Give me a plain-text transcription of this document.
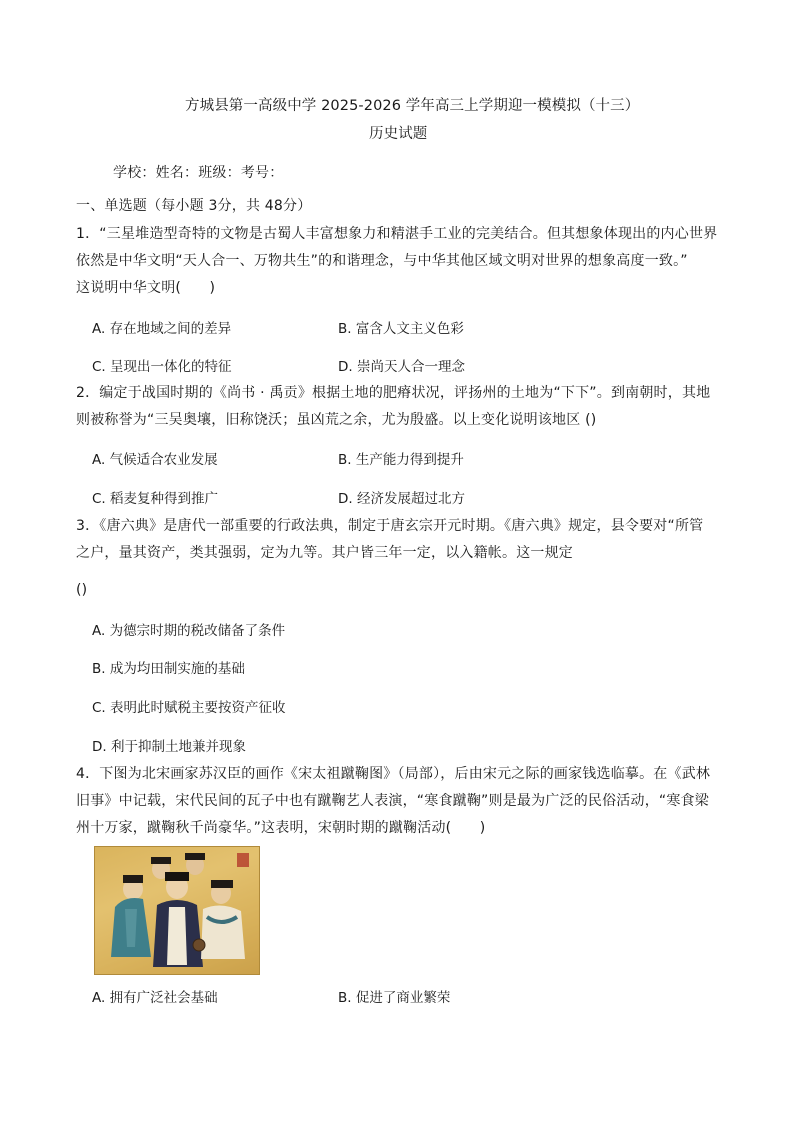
方城县第一高级中学 2025-2026 学年高三上学期迎一模模拟（十三）
历史试题
学校：姓名：班级：考号：
一、单选题（每小题 3分，共 48分）
1．“三星堆造型奇特的文物是古蜀人丰富想象力和精湛手工业的完美结合。但其想象体现出的内心世界
依然是中华文明“天人合一、万物共生”的和谐理念，与中华其他区域文明对世界的想象高度一致。”
这说明中华文明(　　)
A. 存在地域之间的差异	B. 富含人文主义色彩
C. 呈现出一体化的特征	D. 崇尚天人合一理念
2．编定于战国时期的《尚书 · 禹贡》根据土地的肥瘠状况，评扬州的土地为“下下”。到南朝时，其地
则被称誉为“三吴奥壤，旧称饶沃；虽凶荒之余，尤为殷盛。以上变化说明该地区 ()
A. 气候适合农业发展	B. 生产能力得到提升
C. 稻麦复种得到推广	D. 经济发展超过北方
3．《唐六典》是唐代一部重要的行政法典，制定于唐玄宗开元时期。《唐六典》规定，县令要对“所管
之户，量其资产，类其强弱，定为九等。其户皆三年一定，以入籍帐。这一规定
()
A. 为德宗时期的税改储备了条件
B. 成为均田制实施的基础
C. 表明此时赋税主要按资产征收
D. 利于抑制土地兼并现象
4．下图为北宋画家苏汉臣的画作《宋太祖蹴鞠图》（局部），后由宋元之际的画家钱选临摹。在《武林
旧事》中记载，宋代民间的瓦子中也有蹴鞠艺人表演，“寒食蹴鞠”则是最为广泛的民俗活动，“寒食梁
州十万家，蹴鞠秋千尚豪华。”这表明，宋朝时期的蹴鞠活动(　　)
A. 拥有广泛社会基础	B. 促进了商业繁荣
